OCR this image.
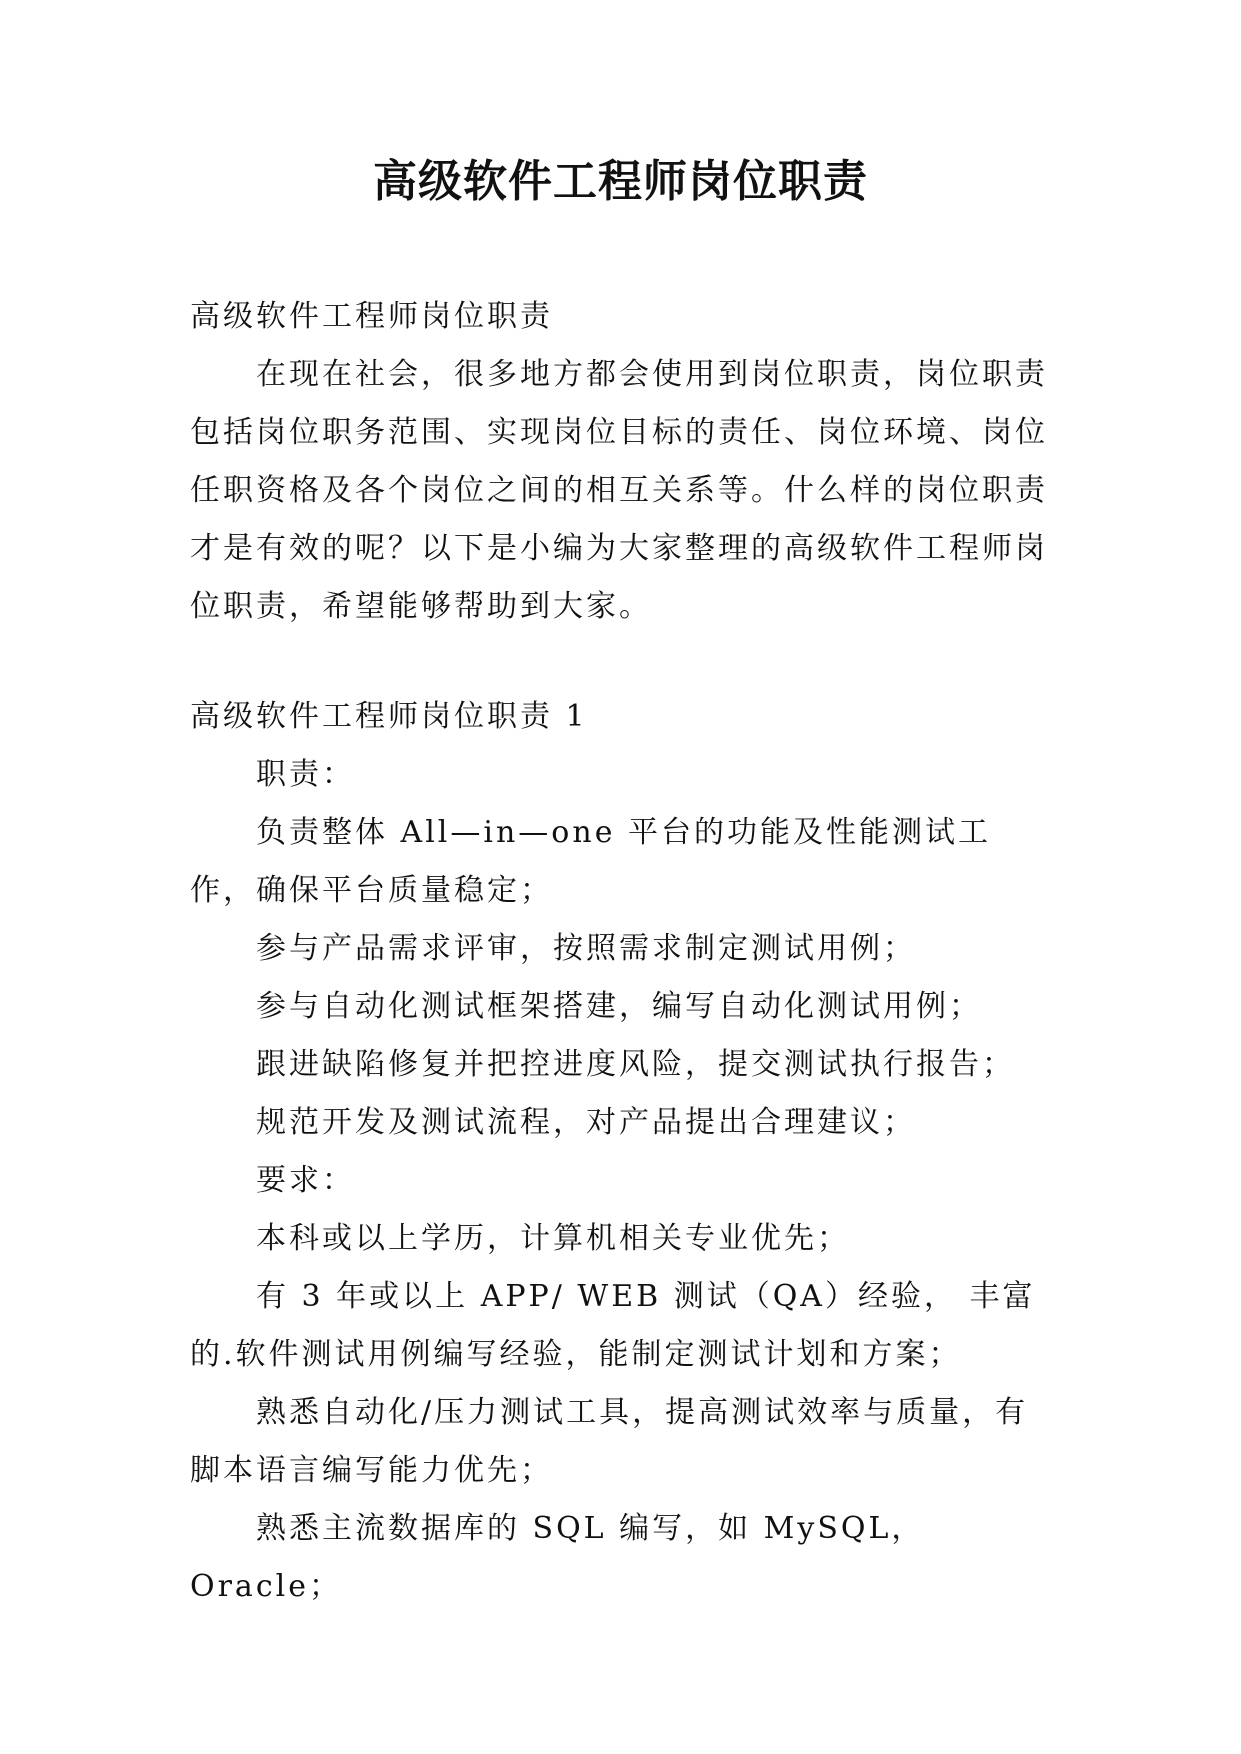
高级软件工程师岗位职责

高级软件工程师岗位职责

在现在社会，很多地方都会使用到岗位职责，岗位职责包括岗位职务范围、实现岗位目标的责任、岗位环境、岗位任职资格及各个岗位之间的相互关系等。什么样的岗位职责才是有效的呢？以下是小编为大家整理的高级软件工程师岗位职责，希望能够帮助到大家。

高级软件工程师岗位职责 1

职责：

负责整体 All—in—one 平台的功能及性能测试工作，确保平台质量稳定；

参与产品需求评审，按照需求制定测试用例；

参与自动化测试框架搭建，编写自动化测试用例；

跟进缺陷修复并把控进度风险，提交测试执行报告；

规范开发及测试流程，对产品提出合理建议；

要求：

本科或以上学历，计算机相关专业优先；

有 3 年或以上 APP/ WEB 测试（QA）经验， 丰富的.软件测试用例编写经验，能制定测试计划和方案；

熟悉自动化/压力测试工具，提高测试效率与质量，有脚本语言编写能力优先；

熟悉主流数据库的 SQL 编写，如 MySQL， Oracle；
